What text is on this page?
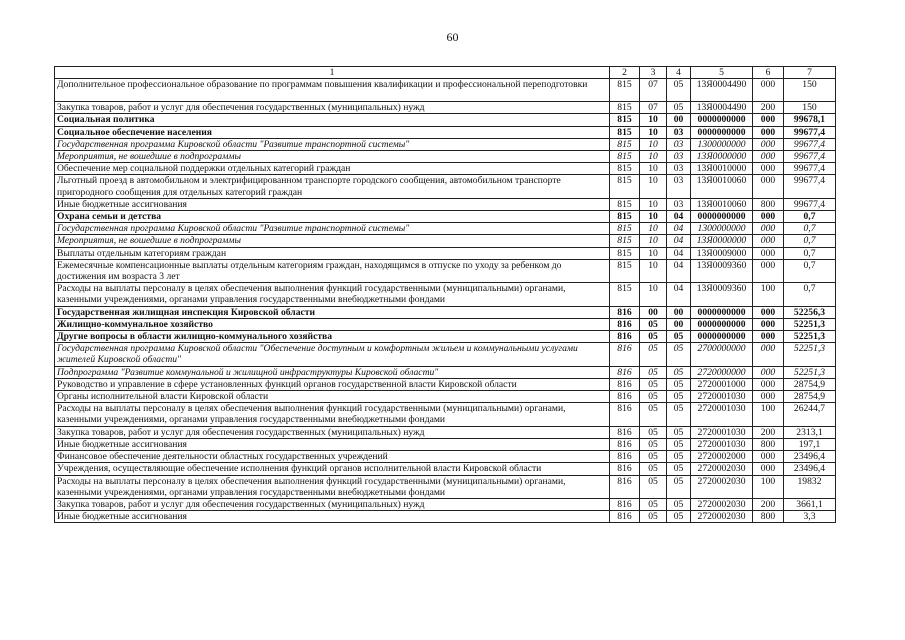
60
1	2	3	4	5	6	7
Дополнительное профессиональное образование по программам повышения квалификации и профессиональной переподготовки	815	07	05	13Я0004490	000	150
Закупка товаров, работ и услуг для обеспечения государственных (муниципальных) нужд	815	07	05	13Я0004490	200	150
Социальная политика	815	10	00	0000000000	000	99678,1
Социальное обеспечение населения	815	10	03	0000000000	000	99677,4
Государственная программа Кировской области "Развитие транспортной системы"	815	10	03	1300000000	000	99677,4
Мероприятия, не вошедшие в подпрограммы	815	10	03	13Я0000000	000	99677,4
Обеспечение мер социальной поддержки отдельных категорий граждан	815	10	03	13Я0010000	000	99677,4
Льготный проезд в автомобильном и электрифицированном транспорте городского сообщения, автомобильном транспорте пригородного сообщения для отдельных категорий граждан	815	10	03	13Я0010060	000	99677,4
Иные бюджетные ассигнования	815	10	03	13Я0010060	800	99677,4
Охрана семьи и детства	815	10	04	0000000000	000	0,7
Государственная программа Кировской области "Развитие транспортной системы"	815	10	04	1300000000	000	0,7
Мероприятия, не вошедшие в подпрограммы	815	10	04	13Я0000000	000	0,7
Выплаты отдельным категориям граждан	815	10	04	13Я0009000	000	0,7
Ежемесячные компенсационные выплаты отдельным категориям граждан, находящимся в отпуске по уходу за ребенком до достижения им возраста 3 лет	815	10	04	13Я0009360	000	0,7
Расходы на выплаты персоналу в целях обеспечения выполнения функций государственными (муниципальными) органами, казенными учреждениями, органами управления государственными внебюджетными фондами	815	10	04	13Я0009360	100	0,7
Государственная жилищная инспекция Кировской области	816	00	00	0000000000	000	52256,3
Жилищно-коммунальное хозяйство	816	05	00	0000000000	000	52251,3
Другие вопросы в области жилищно-коммунального хозяйства	816	05	05	0000000000	000	52251,3
Государственная программа Кировской области "Обеспечение доступным и комфортным жильем и коммунальными услугами жителей Кировской области"	816	05	05	2700000000	000	52251,3
Подпрограмма "Развитие коммунальной и жилищной инфраструктуры Кировской области"	816	05	05	2720000000	000	52251,3
Руководство и управление в сфере установленных функций органов государственной власти Кировской области	816	05	05	2720001000	000	28754,9
Органы исполнительной власти Кировской области	816	05	05	2720001030	000	28754,9
Расходы на выплаты персоналу в целях обеспечения выполнения функций государственными (муниципальными) органами, казенными учреждениями, органами управления государственными внебюджетными фондами	816	05	05	2720001030	100	26244,7
Закупка товаров, работ и услуг для обеспечения государственных (муниципальных) нужд	816	05	05	2720001030	200	2313,1
Иные бюджетные ассигнования	816	05	05	2720001030	800	197,1
Финансовое обеспечение деятельности областных государственных учреждений	816	05	05	2720002000	000	23496,4
Учреждения, осуществляющие обеспечение исполнения функций органов исполнительной власти Кировской области	816	05	05	2720002030	000	23496,4
Расходы на выплаты персоналу в целях обеспечения выполнения функций государственными (муниципальными) органами, казенными учреждениями, органами управления государственными внебюджетными фондами	816	05	05	2720002030	100	19832
Закупка товаров, работ и услуг для обеспечения государственных (муниципальных) нужд	816	05	05	2720002030	200	3661,1
Иные бюджетные ассигнования	816	05	05	2720002030	800	3,3
